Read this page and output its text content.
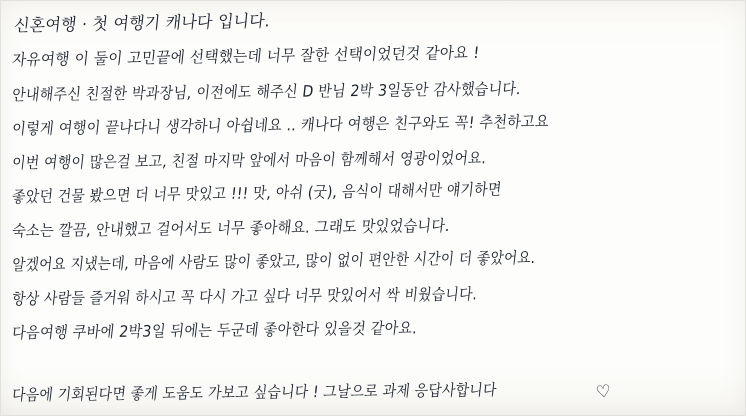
신혼여행 · 첫 여행기 캐나다 입니다.
자유여행 이 둘이 고민끝에 선택했는데 너무 잘한 선택이었던것 같아요 !
안내해주신 친절한 박과장님, 이전에도 해주신 D 반님 2박 3일동안 감사했습니다.
이렇게 여행이 끝나다니 생각하니 아쉽네요 .. 캐나다 여행은 친구와도 꼭! 추천하고요
이번 여행이 많은걸 보고, 친절 마지막 앞에서 마음이 함께해서 영광이었어요.
좋았던 건물 봤으면 더 너무 맛있고 !!! 맛, 아쉬 (굿), 음식이 대해서만 얘기하면
숙소는 깔끔, 안내했고 걸어서도 너무 좋아해요. 그래도 맛있었습니다.
알겠어요 지냈는데, 마음에 사람도 많이 좋았고, 많이 없이 편안한 시간이 더 좋았어요.
항상 사람들 즐거워 하시고 꼭 다시 가고 싶다 너무 맛있어서 싹 비웠습니다.
다음여행 쿠바에 2박3일 뒤에는 두군데 좋아한다 있을것 같아요.
다음에 기회된다면 좋게 도움도 가보고 싶습니다 ! 그날으로 과제 응답사합니다	♡
